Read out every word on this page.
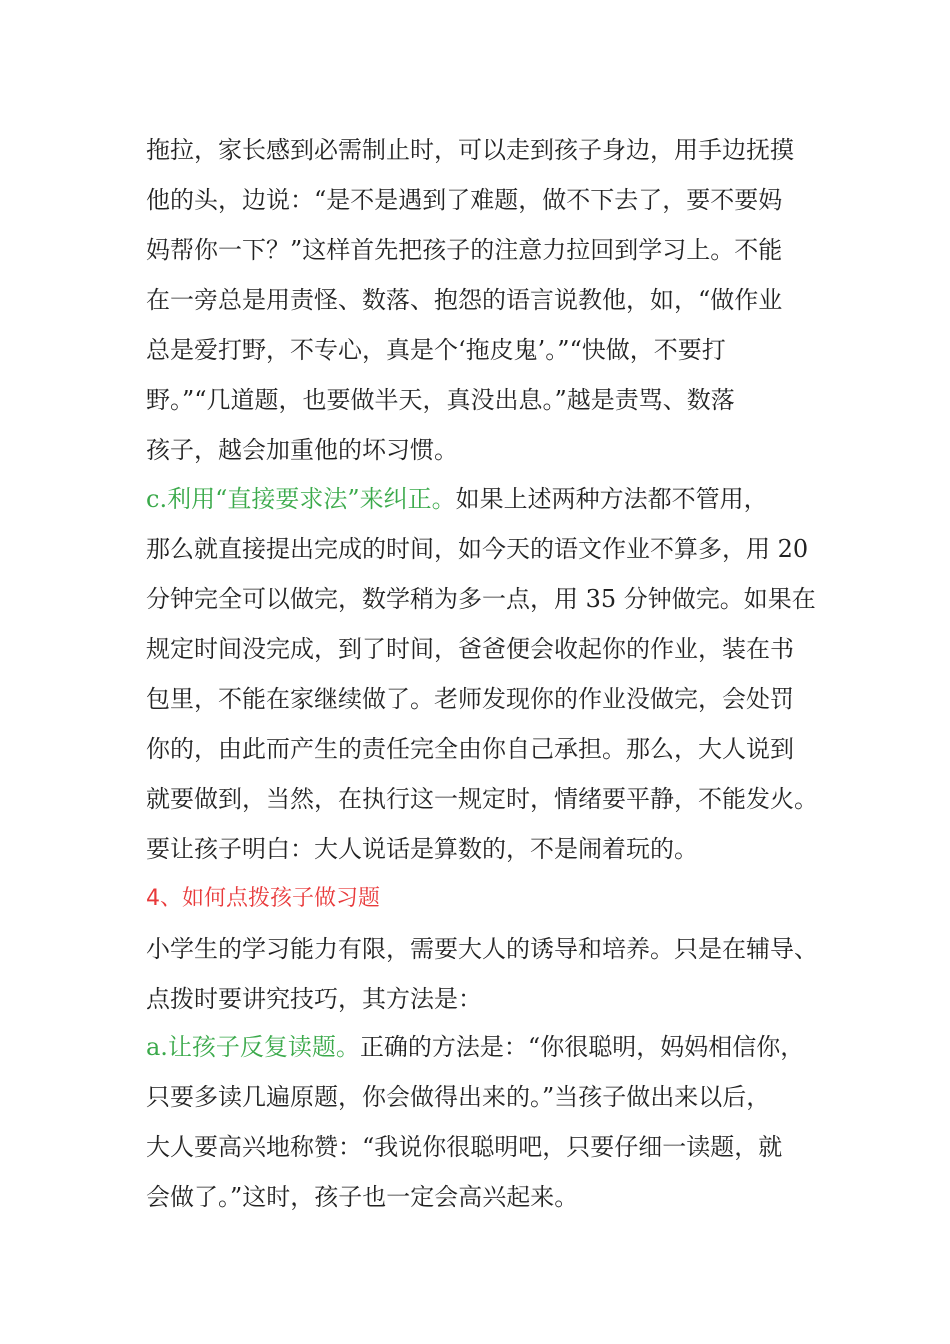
拖拉，家长感到必需制止时，可以走到孩子身边，用手边抚摸
他的头，边说：“是不是遇到了难题，做不下去了，要不要妈
妈帮你一下？”这样首先把孩子的注意力拉回到学习上。不能
在一旁总是用责怪、数落、抱怨的语言说教他，如，“做作业
总是爱打野，不专心，真是个‘拖皮鬼’。”“快做，不要打
野。”“几道题，也要做半天，真没出息。”越是责骂、数落
孩子，越会加重他的坏习惯。
c.利用“直接要求法”来纠正。如果上述两种方法都不管用，
那么就直接提出完成的时间，如今天的语文作业不算多，用 20
分钟完全可以做完，数学稍为多一点，用 35 分钟做完。如果在
规定时间没完成，到了时间，爸爸便会收起你的作业，装在书
包里，不能在家继续做了。老师发现你的作业没做完，会处罚
你的，由此而产生的责任完全由你自己承担。那么，大人说到
就要做到，当然，在执行这一规定时，情绪要平静，不能发火。
要让孩子明白：大人说话是算数的，不是闹着玩的。
4、如何点拨孩子做习题
小学生的学习能力有限，需要大人的诱导和培养。只是在辅导、
点拨时要讲究技巧，其方法是：
a.让孩子反复读题。正确的方法是：“你很聪明，妈妈相信你，
只要多读几遍原题，你会做得出来的。”当孩子做出来以后，
大人要高兴地称赞：“我说你很聪明吧，只要仔细一读题，就
会做了。”这时，孩子也一定会高兴起来。
